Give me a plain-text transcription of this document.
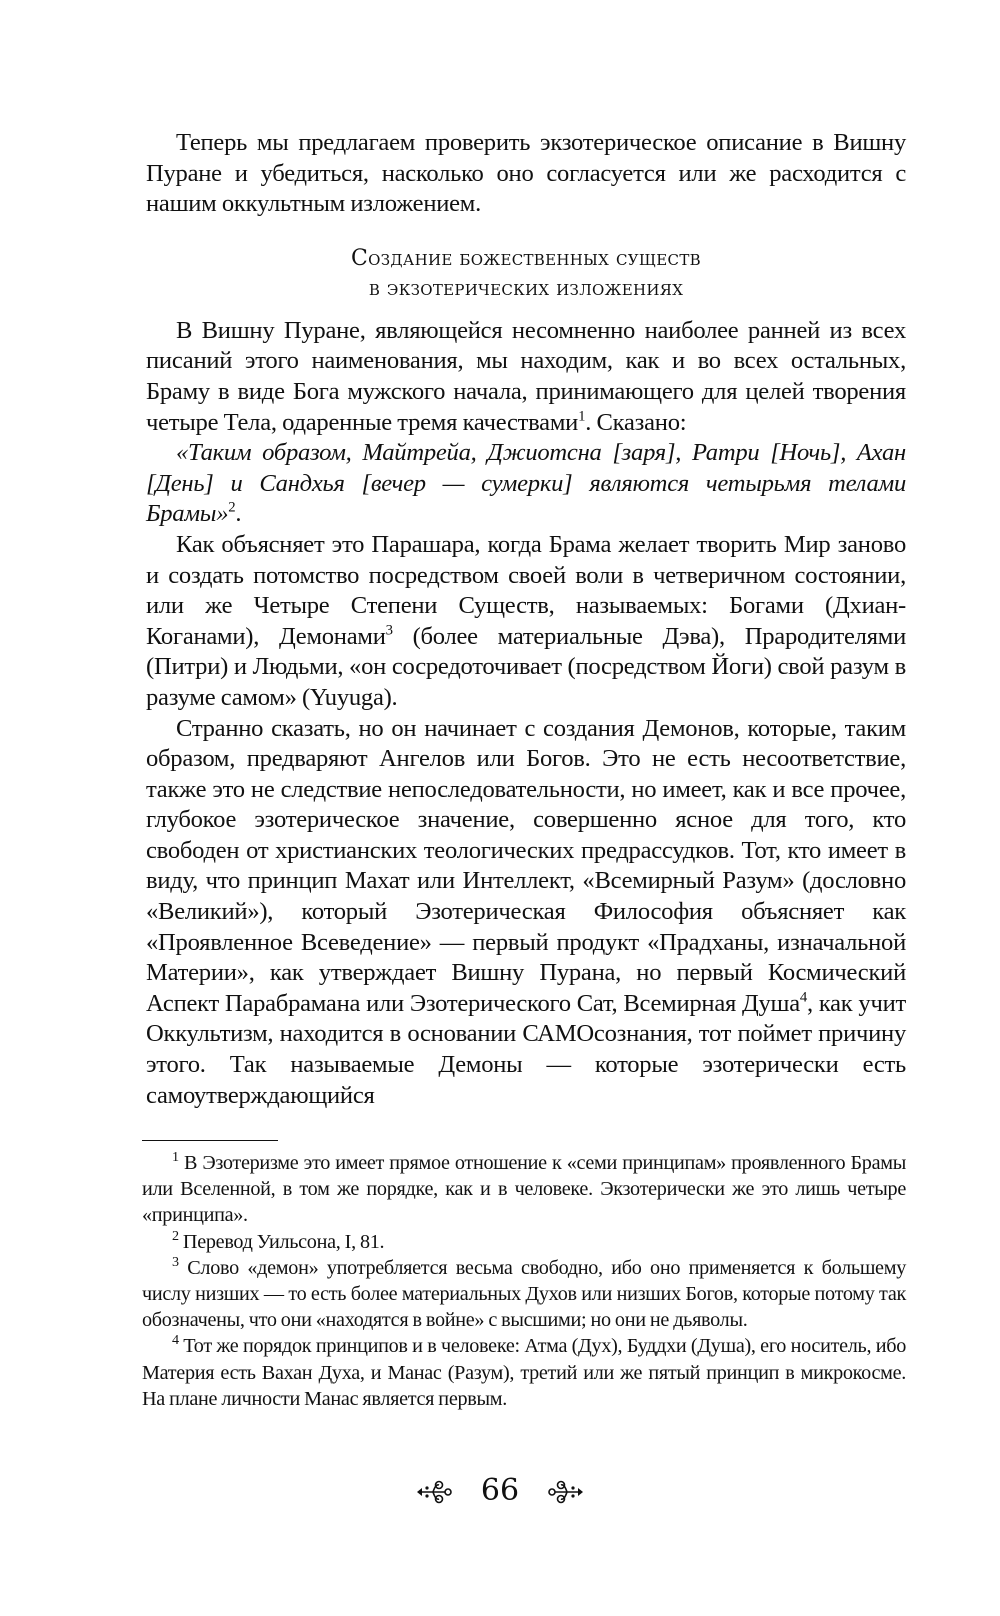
Теперь мы предлагаем проверить экзотерическое описание в Вишну Пуране и убедиться, насколько оно согласуется или же расходится с нашим оккультным изложением.

Создание божественных существ
в экзотерических изложениях

В Вишну Пуране, являющейся несомненно наиболее ранней из всех писаний этого наименования, мы находим, как и во всех остальных, Браму в виде Бога мужского начала, принимающего для целей творения четыре Тела, одаренные тремя качествами$^1$. Сказано:

«Таким образом, Майтрейа, Джиотсна [заря], Ратри [Ночь], Ахан [День] и Сандхья [вечер — сумерки] являются четырьмя телами Брамы»$^2$.

Как объясняет это Парашара, когда Брама желает творить Мир заново и создать потомство посредством своей воли в четверичном состоянии, или же Четыре Степени Существ, называемых: Богами (Дхиан-Коганами), Демонами$^3$ (более материальные Дэва), Прародителями (Питри) и Людьми, «он сосредоточивает (посредством Йоги) свой разум в разуме самом» (Yuyuga).

Странно сказать, но он начинает с создания Демонов, которые, таким образом, предваряют Ангелов или Богов. Это не есть несоответствие, также это не следствие непоследовательности, но имеет, как и все прочее, глубокое эзотерическое значение, совершенно ясное для того, кто свободен от христианских теологических предрассудков. Тот, кто имеет в виду, что принцип Махат или Интеллект, «Всемирный Разум» (дословно «Великий»), который Эзотерическая Философия объясняет как «Проявленное Всеведение» — первый продукт «Прадханы, изначальной Материи», как утверждает Вишну Пурана, но первый Космический Аспект Парабрамана или Эзотерического Сат, Всемирная Душа$^4$, как учит Оккультизм, находится в основании САМОсознания, тот поймет причину этого. Так называемые Демоны — которые эзотерически есть самоутверждающийся

$^1$ В Эзотеризме это имеет прямое отношение к «семи принципам» проявленного Брамы или Вселенной, в том же порядке, как и в человеке. Экзотерически же это лишь четыре «принципа».

$^2$ Перевод Уильсона, I, 81.

$^3$ Слово «демон» употребляется весьма свободно, ибо оно применяется к большему числу низших — то есть более материальных Духов или низших Богов, которые потому так обозначены, что они «находятся в войне» с высшими; но они не дьяволы.

$^4$ Тот же порядок принципов и в человеке: Атма (Дух), Буддхи (Душа), его носитель, ибо Материя есть Вахан Духа, и Манас (Разум), третий или же пятый принцип в микрокосме. На плане личности Манас является первым.

66
